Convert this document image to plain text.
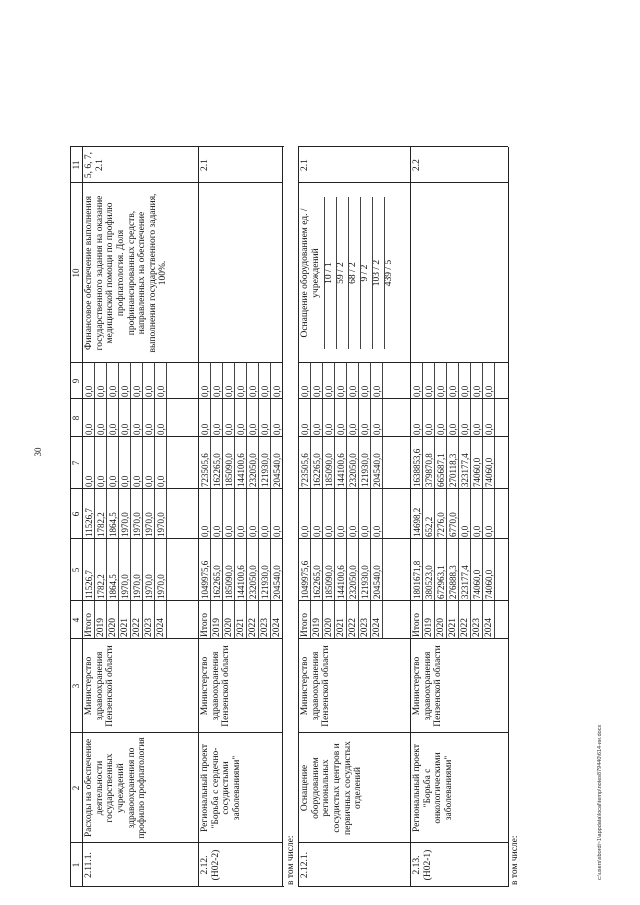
30
c:\users\sbordi~1\appdata\local\temp\notes879440\614-ии.docx
1
2
3
4
5
6
7
8
9
10
11
2.11.1.
Расходы на обеспечение деятельности государственных учреждений здравоохранения по профилю профпатология
Министерство здравоохранения Пензенской области
Итого
11526,7
11526,7
0,0
0,0
0,0
2019
1782,2
1782,2
0,0
0,0
0,0
2020
1864,5
1864,5
0,0
0,0
0,0
2021
1970,0
1970,0
0,0
0,0
0,0
2022
1970,0
1970,0
0,0
0,0
0,0
2023
1970,0
1970,0
0,0
0,0
0,0
2024
1970,0
1970,0
0,0
0,0
0,0
5, 6, 7, 2.1
Финансовое обеспечение выполнения государственного задания на оказание медицинской помощи по профилю профпатология. Доля профинансированных средств, направленных на обеспечение выполнения государственного задания, 100%.
2.12. (Н02-2)
Региональный проект "Борьба с сердечно-сосудистыми заболеваниями"
Министерство здравоохранения Пензенской области
Итого
1049975,6
0,0
723505,6
0,0
0,0
2019
162265,0
0,0
162265,0
0,0
0,0
2020
185090,0
0,0
185090,0
0,0
0,0
2021
144100,6
0,0
144100,6
0,0
0,0
2022
232050,0
0,0
232050,0
0,0
0,0
2023
121930,0
0,0
121930,0
0,0
0,0
2024
204540,0
0,0
204540,0
0,0
0,0
2.1
в том числе: 2.12.1.
Оснащение оборудованием региональных сосудистых центров и первичных сосудистых отделений
Министерство здравоохранения Пензенской области
Итого
1049975,6
0,0
723505,6
0,0
0,0
2019
162265,0
0,0
162265,0
0,0
0,0
2020
185090,0
0,0
185090,0
0,0
0,0
2021
144100,6
0,0
144100,6
0,0
0,0
2022
232050,0
0,0
232050,0
0,0
0,0
2023
121930,0
0,0
121930,0
0,0
0,0
2024
204540,0
0,0
204540,0
0,0
0,0
2.1
Оснащение оборудованием ед. / учреждений 10 / 1 59 / 2 68 / 2 9 / 2 103 / 2 439 / 5
2.13. (Н02-1)
Региональный проект "Борьба с онкологическими заболеваниями"
Министерство здравоохранения Пензенской области
Итого
1801671,8
14698,2
1638853,6
0,0
0,0
2019
380523,0
652,2
379870,8
0,0
0,0
2020
672963,1
7276,0
665687,1
0,0
0,0
2021
276888,3
6770,0
270118,3
0,0
0,0
2022
323177,4
0,0
323177,4
0,0
0,0
2023
74060,0
0,0
74060,0
0,0
0,0
2024
74060,0
0,0
74060,0
0,0
0,0
2.2
в том числе:
